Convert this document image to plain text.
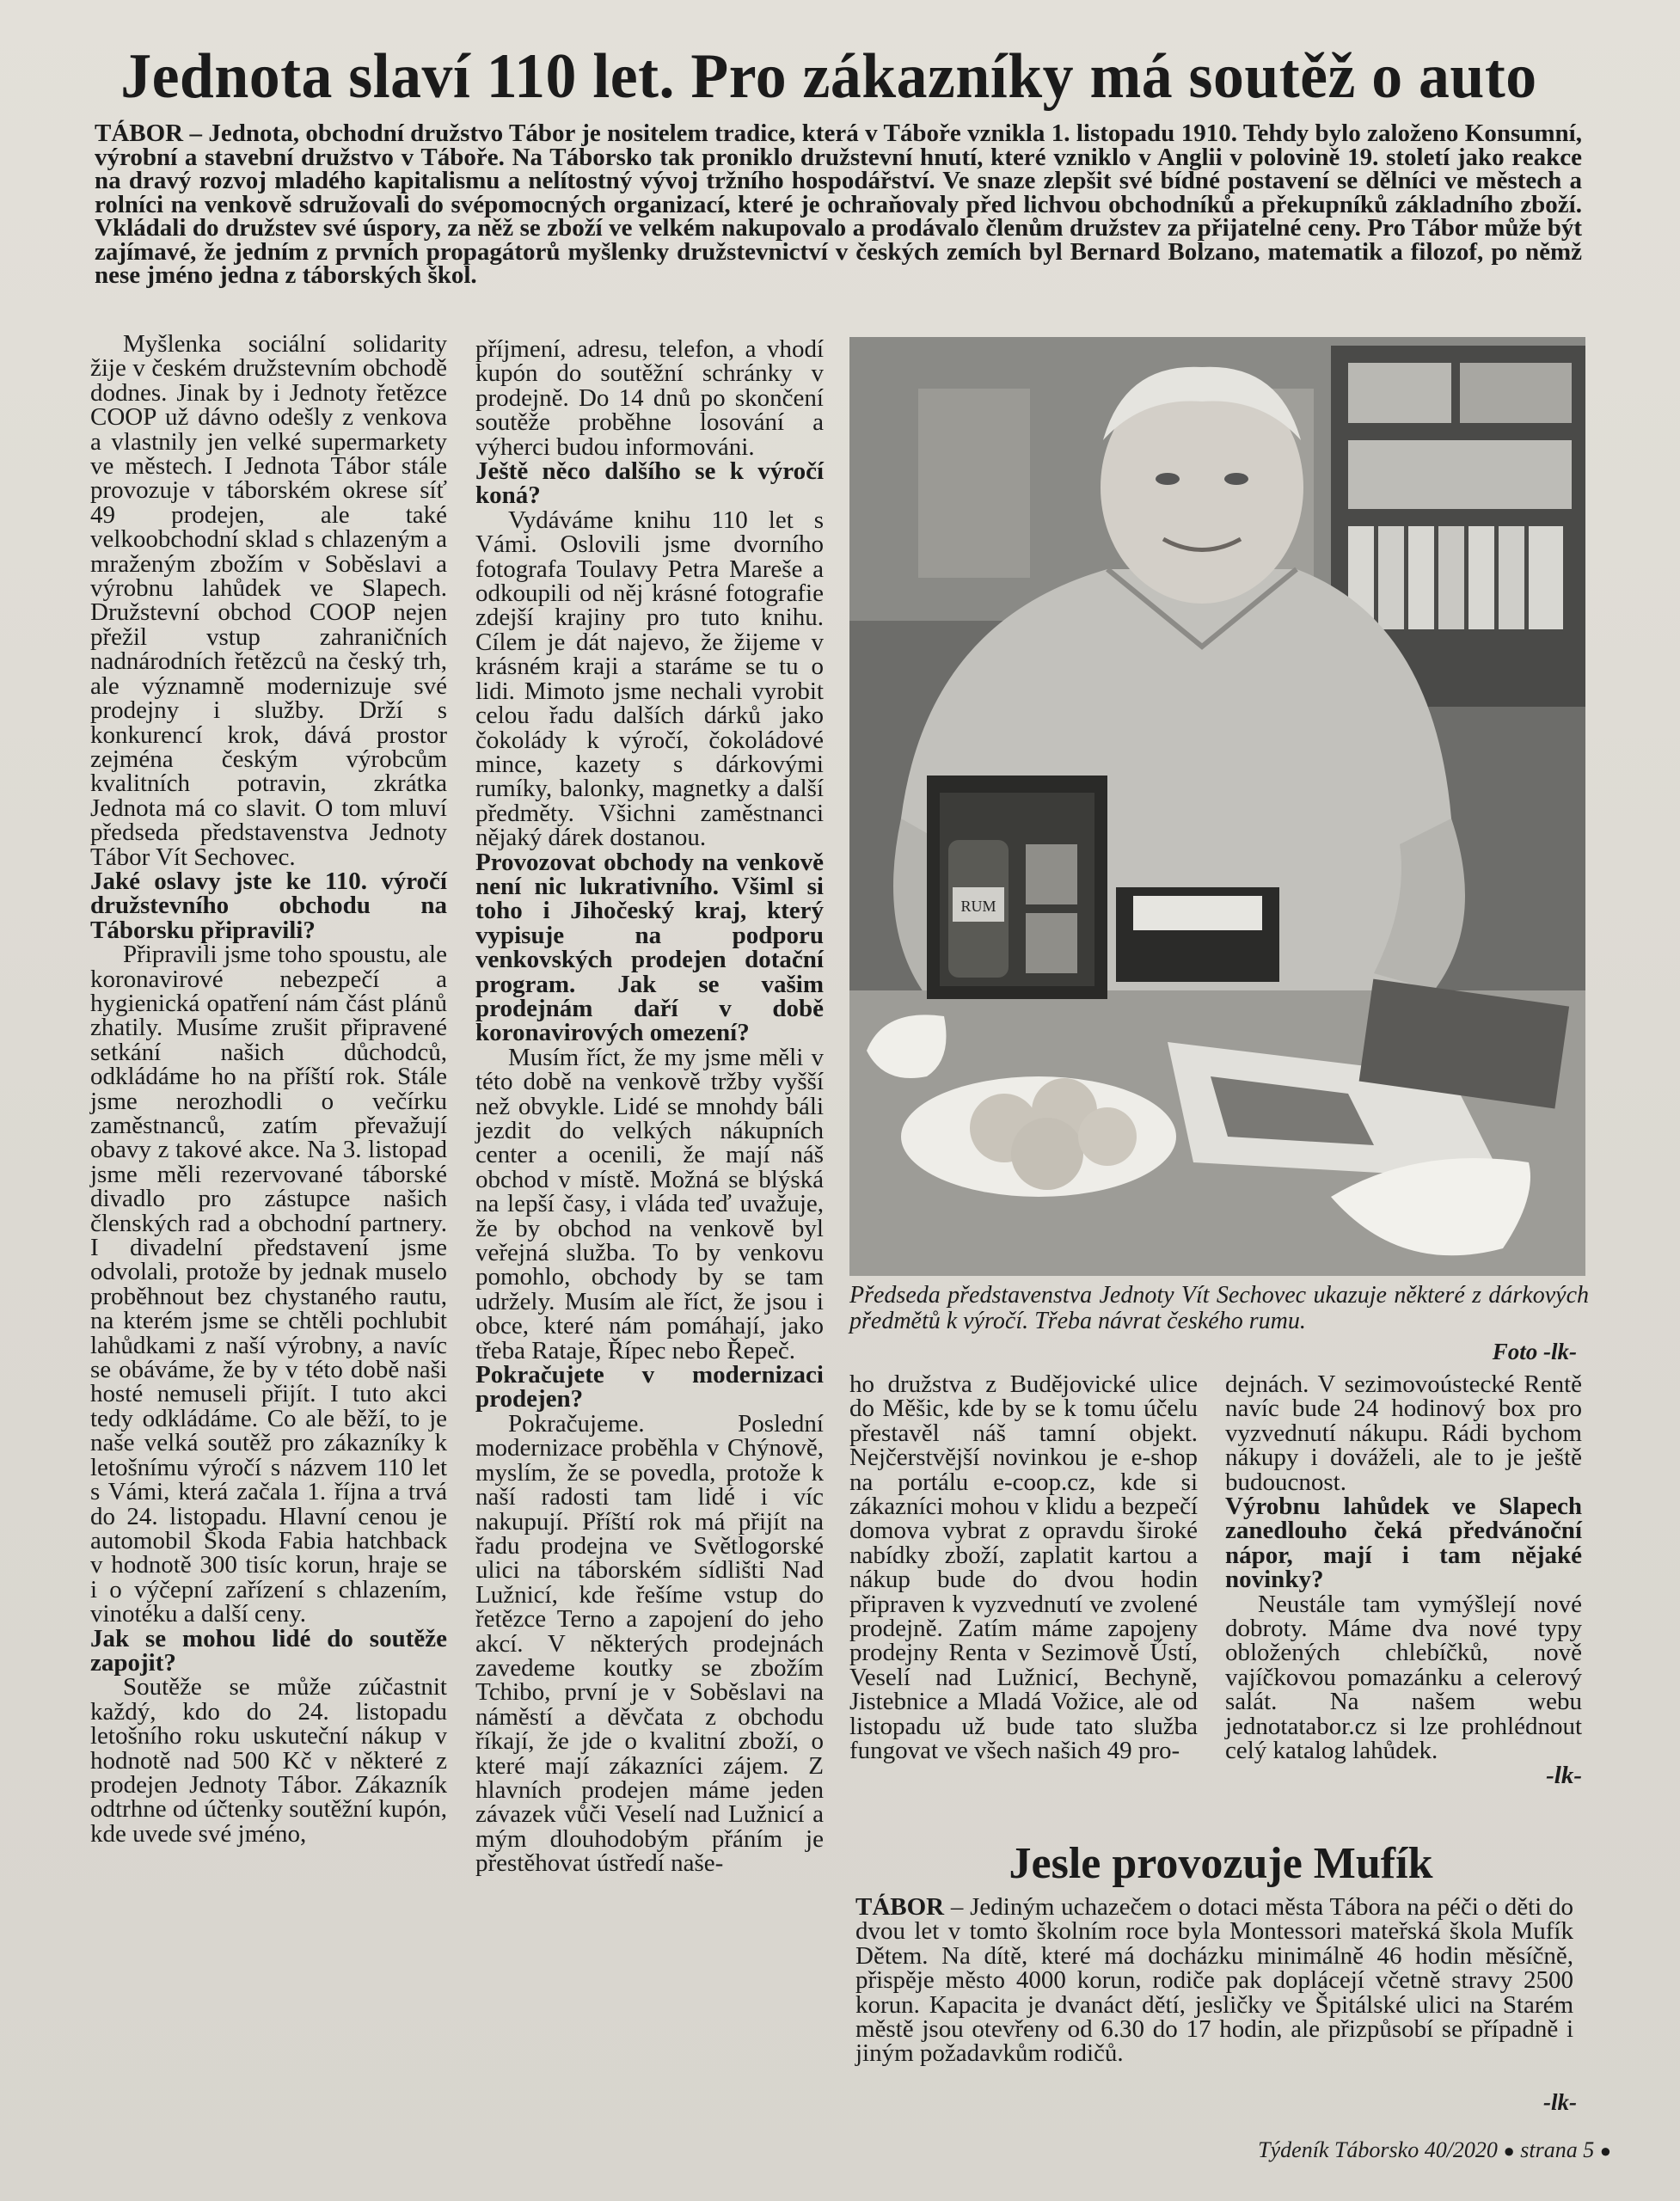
Jednota slaví 110 let. Pro zákazníky má soutěž o auto

TÁBOR – Jednota, obchodní družstvo Tábor je nositelem tradice, která v Táboře vznikla 1. listopadu 1910. Tehdy bylo založeno Konsumní, výrobní a stavební družstvo v Táboře. Na Táborsko tak proniklo družstevní hnutí, které vzniklo v Anglii v polovině 19. století jako reakce na dravý rozvoj mladého kapitalismu a nelítostný vývoj tržního hospodářství. Ve snaze zlepšit své bídné postavení se dělníci ve městech a rolníci na venkově sdružovali do svépomocných organizací, které je ochraňovaly před lichvou obchodníků a překupníků základního zboží. Vkládali do družstev své úspory, za něž se zboží ve velkém nakupovalo a prodávalo členům družstev za přijatelné ceny. Pro Tábor může být zajímavé, že jedním z prvních propagátorů myšlenky družstevnictví v českých zemích byl Bernard Bolzano, matematik a filozof, po němž nese jméno jedna z táborských škol.

Myšlenka sociální solidarity žije v českém družstevním obchodě dodnes. Jinak by i Jednoty řetězce COOP už dávno odešly z venkova a vlastnily jen velké supermarkety ve městech. I Jednota Tábor stále provozuje v táborském okrese síť 49 prodejen, ale také velkoobchodní sklad s chlazeným a mraženým zbožím v Soběslavi a výrobnu lahůdek ve Slapech. Družstevní obchod COOP nejen přežil vstup zahraničních nadnárodních řetězců na český trh, ale významně modernizuje své prodejny i služby. Drží s konkurencí krok, dává prostor zejména českým výrobcům kvalitních potravin, zkrátka Jednota má co slavit. O tom mluví předseda představenstva Jednoty Tábor Vít Sechovec.

Jaké oslavy jste ke 110. výročí družstevního obchodu na Táborsku připravili?

Připravili jsme toho spoustu, ale koronavirové nebezpečí a hygienická opatření nám část plánů zhatily. Musíme zrušit připravené setkání našich důchodců, odkládáme ho na příští rok. Stále jsme nerozhodli o večírku zaměstnanců, zatím převažují obavy z takové akce. Na 3. listopad jsme měli rezervované táborské divadlo pro zástupce našich členských rad a obchodní partnery. I divadelní představení jsme odvolali, protože by jednak muselo proběhnout bez chystaného rautu, na kterém jsme se chtěli pochlubit lahůdkami z naší výrobny, a navíc se obáváme, že by v této době naši hosté nemuseli přijít. I tuto akci tedy odkládáme. Co ale běží, to je naše velká soutěž pro zákazníky k letošnímu výročí s názvem 110 let s Vámi, která začala 1. října a trvá do 24. listopadu. Hlavní cenou je automobil Škoda Fabia hatchback v hodnotě 300 tisíc korun, hraje se i o výčepní zařízení s chlazením, vinotéku a další ceny.

Jak se mohou lidé do soutěže zapojit?

Soutěže se může zúčastnit každý, kdo do 24. listopadu letošního roku uskuteční nákup v hodnotě nad 500 Kč v některé z prodejen Jednoty Tábor. Zákazník odtrhne od účtenky soutěžní kupón, kde uvede své jméno,

příjmení, adresu, telefon, a vhodí kupón do soutěžní schránky v prodejně. Do 14 dnů po skončení soutěže proběhne losování a výherci budou informováni.

Ještě něco dalšího se k výročí koná?

Vydáváme knihu 110 let s Vámi. Oslovili jsme dvorního fotografa Toulavy Petra Mareše a odkoupili od něj krásné fotografie zdejší krajiny pro tuto knihu. Cílem je dát najevo, že žijeme v krásném kraji a staráme se tu o lidi. Mimoto jsme nechali vyrobit celou řadu dalších dárků jako čokolády k výročí, čokoládové mince, kazety s dárkovými rumíky, balonky, magnetky a další předměty. Všichni zaměstnanci nějaký dárek dostanou.

Provozovat obchody na venkově není nic lukrativního. Všiml si toho i Jihočeský kraj, který vypisuje na podporu venkovských prodejen dotační program. Jak se vašim prodejnám daří v době koronavirových omezení?

Musím říct, že my jsme měli v této době na venkově tržby vyšší než obvykle. Lidé se mnohdy báli jezdit do velkých nákupních center a ocenili, že mají náš obchod v místě. Možná se blýská na lepší časy, i vláda teď uvažuje, že by obchod na venkově byl veřejná služba. To by venkovu pomohlo, obchody by se tam udržely. Musím ale říct, že jsou i obce, které nám pomáhají, jako třeba Rataje, Řípec nebo Řepeč.

Pokračujete v modernizaci prodejen?

Pokračujeme. Poslední modernizace proběhla v Chýnově, myslím, že se povedla, protože k naší radosti tam lidé i víc nakupují. Příští rok má přijít na řadu prodejna ve Světlogorské ulici na táborském sídlišti Nad Lužnicí, kde řešíme vstup do řetězce Terno a zapojení do jeho akcí. V některých prodejnách zavedeme koutky se zbožím Tchibo, první je v Soběslavi na náměstí a děvčata z obchodu říkají, že jde o kvalitní zboží, o které mají zákazníci zájem. Z hlavních prodejen máme jeden závazek vůči Veselí nad Lužnicí a mým dlouhodobým přáním je přestěhovat ústředí naše-

RUM

Předseda představenstva Jednoty Vít Sechovec ukazuje některé z dárkových předmětů k výročí. Třeba návrat českého rumu.

Foto -lk-

ho družstva z Budějovické ulice do Měšic, kde by se k tomu účelu přestavěl náš tamní objekt. Nejčerstvější novinkou je e-shop na portálu e-coop.cz, kde si zákazníci mohou v klidu a bezpečí domova vybrat z opravdu široké nabídky zboží, zaplatit kartou a nákup bude do dvou hodin připraven k vyzvednutí ve zvolené prodejně. Zatím máme zapojeny prodejny Renta v Sezimově Ústí, Veselí nad Lužnicí, Bechyně, Jistebnice a Mladá Vožice, ale od listopadu už bude tato služba fungovat ve všech našich 49 pro-

dejnách. V sezimovoústecké Rentě navíc bude 24 hodinový box pro vyzvednutí nákupu. Rádi bychom nákupy i dováželi, ale to je ještě budoucnost.

Výrobnu lahůdek ve Slapech zanedlouho čeká předvánoční nápor, mají i tam nějaké novinky?

Neustále tam vymýšlejí nové dobroty. Máme dva nové typy obložených chlebíčků, nově vajíčkovou pomazánku a celerový salát. Na našem webu jednotatabor.cz si lze prohlédnout celý katalog lahůdek.

-lk-

Jesle provozuje Mufík

TÁBOR – Jediným uchazečem o dotaci města Tábora na péči o děti do dvou let v tomto školním roce byla Montessori mateřská škola Mufík Dětem. Na dítě, které má docházku minimálně 46 hodin měsíčně, přispěje město 4000 korun, rodiče pak doplácejí včetně stravy 2500 korun. Kapacita je dvanáct dětí, jesličky ve Špitálské ulici na Starém městě jsou otevřeny od 6.30 do 17 hodin, ale přizpůsobí se případně i jiným požadavkům rodičů.

-lk-
Týdeník Táborsko 40/2020 ● strana 5 ●
